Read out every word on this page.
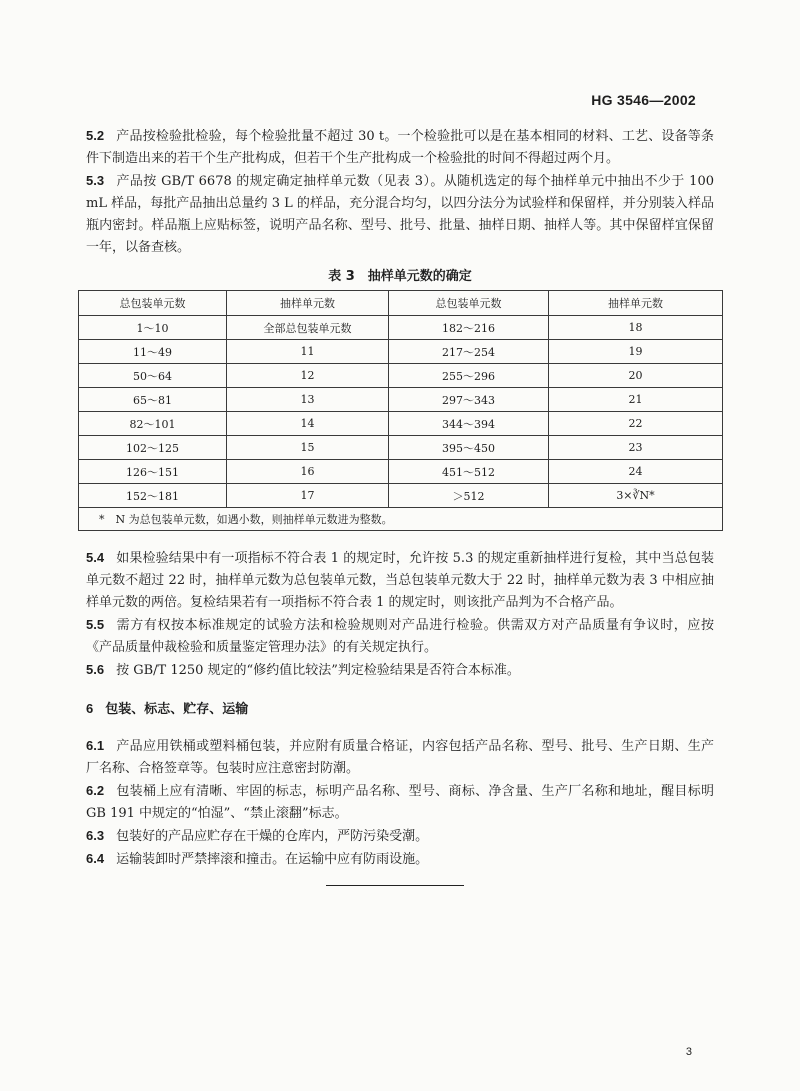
HG 3546—2002

5.2 产品按检验批检验，每个检验批量不超过 30 t。一个检验批可以是在基本相同的材料、工艺、设备等条件下制造出来的若干个生产批构成，但若干个生产批构成一个检验批的时间不得超过两个月。

5.3 产品按 GB/T 6678 的规定确定抽样单元数（见表 3）。从随机选定的每个抽样单元中抽出不少于 100 mL 样品，每批产品抽出总量约 3 L 的样品，充分混合均匀，以四分法分为试验样和保留样，并分别装入样品瓶内密封。样品瓶上应贴标签，说明产品名称、型号、批号、批量、抽样日期、抽样人等。其中保留样宜保留一年，以备查核。

表 3　抽样单元数的确定
总包装单元数	抽样单元数	总包装单元数	抽样单元数
1～10	全部总包装单元数	182～216	18
11～49	11	217～254	19
50～64	12	255～296	20
65～81	13	297～343	21
82～101	14	344～394	22
102～125	15	395～450	23
126～151	16	451～512	24
152～181	17	＞512	3×∛N*
*　N 为总包装单元数，如遇小数，则抽样单元数进为整数。			

5.4 如果检验结果中有一项指标不符合表 1 的规定时，允许按 5.3 的规定重新抽样进行复检，其中当总包装单元数不超过 22 时，抽样单元数为总包装单元数，当总包装单元数大于 22 时，抽样单元数为表 3 中相应抽样单元数的两倍。复检结果若有一项指标不符合表 1 的规定时，则该批产品判为不合格产品。

5.5 需方有权按本标准规定的试验方法和检验规则对产品进行检验。供需双方对产品质量有争议时，应按《产品质量仲裁检验和质量鉴定管理办法》的有关规定执行。

5.6 按 GB/T 1250 规定的“修约值比较法”判定检验结果是否符合本标准。

6 包装、标志、贮存、运输

6.1 产品应用铁桶或塑料桶包装，并应附有质量合格证，内容包括产品名称、型号、批号、生产日期、生产厂名称、合格签章等。包装时应注意密封防潮。

6.2 包装桶上应有清晰、牢固的标志，标明产品名称、型号、商标、净含量、生产厂名称和地址，醒目标明 GB 191 中规定的“怕湿”、“禁止滚翻”标志。

6.3 包装好的产品应贮存在干燥的仓库内，严防污染受潮。

6.4 运输装卸时严禁摔滚和撞击。在运输中应有防雨设施。

3
